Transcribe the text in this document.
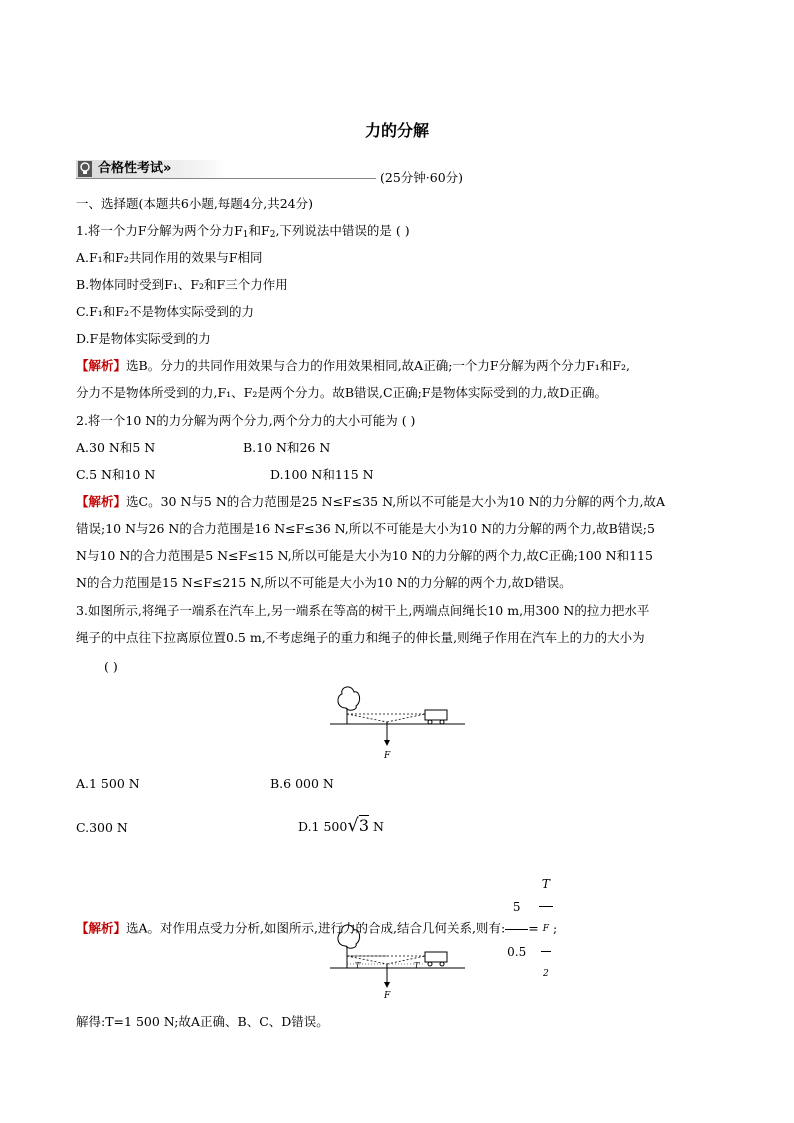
力的分解
合格性考试»
(25分钟·60分)
一、选择题(本题共6小题,每题4分,共24分)
1.将一个力F分解为两个分力$F_1$和$F_2$,下列说法中错误的是 ( )
A.F₁和F₂共同作用的效果与F相同
B.物体同时受到F₁、F₂和F三个力作用
C.F₁和F₂不是物体实际受到的力
D.F是物体实际受到的力
【解析】选B。分力的共同作用效果与合力的作用效果相同,故A正确;一个力F分解为两个分力F₁和F₂,
分力不是物体所受到的力,F₁、F₂是两个分力。故B错误,C正确;F是物体实际受到的力,故D正确。
2.将一个10 N的力分解为两个分力,两个分力的大小可能为 ( )
A.30 N和5 N	B.10 N和26 N
C.5 N和10 N	D.100 N和115 N
【解析】选C。30 N与5 N的合力范围是25 N≤F≤35 N,所以不可能是大小为10 N的力分解的两个力,故A
错误;10 N与26 N的合力范围是16 N≤F≤36 N,所以不可能是大小为10 N的力分解的两个力,故B错误;5
N与10 N的合力范围是5 N≤F≤15 N,所以可能是大小为10 N的力分解的两个力,故C正确;100 N和115
N的合力范围是15 N≤F≤215 N,所以不可能是大小为10 N的力分解的两个力,故D错误。
3.如图所示,将绳子一端系在汽车上,另一端系在等高的树干上,两端点间绳长10 m,用300 N的拉力把水平
绳子的中点往下拉离原位置0.5 m,不考虑绳子的重力和绳子的伸长量,则绳子作用在汽车上的力的大小为
( )
F
A.1 500 N	B.6 000 N
C.300 N	D.1 500√3 N
【解析】选A。对作用点受力分析,如图所示,进行力的合成,结合几何关系,则有: $\frac{5}{0.5} = \frac{T}{\frac{F}{2}}$ ;
T	T
F
解得:T=1 500 N;故A正确、B、C、D错误。
